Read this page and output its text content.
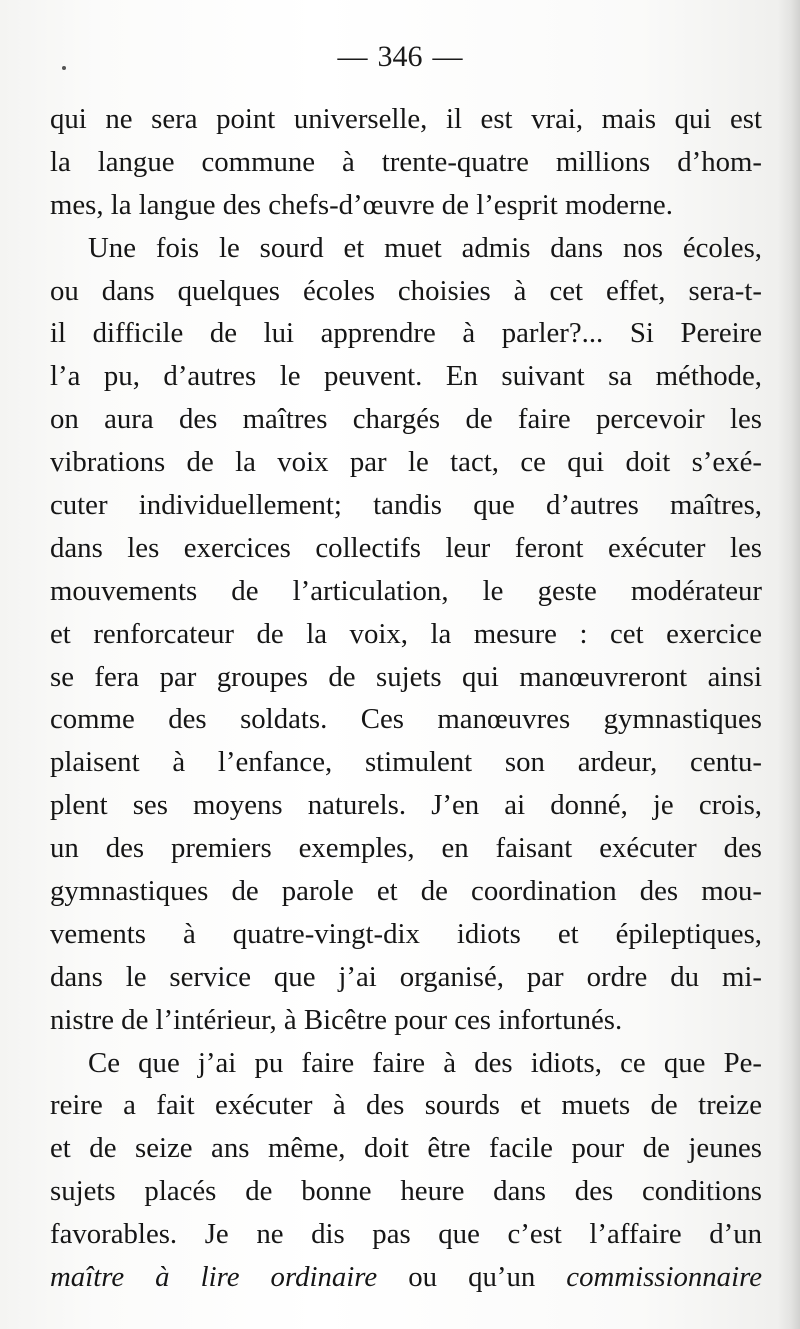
— 346 —
qui ne sera point universelle, il est vrai, mais qui est
la langue commune à trente-quatre millions d’hom-
mes, la langue des chefs-d’œuvre de l’esprit moderne.
Une fois le sourd et muet admis dans nos écoles,
ou dans quelques écoles choisies à cet effet, sera-t-
il difficile de lui apprendre à parler?... Si Pereire
l’a pu, d’autres le peuvent. En suivant sa méthode,
on aura des maîtres chargés de faire percevoir les
vibrations de la voix par le tact, ce qui doit s’exé-
cuter individuellement; tandis que d’autres maîtres,
dans les exercices collectifs leur feront exécuter les
mouvements de l’articulation, le geste modérateur
et renforcateur de la voix, la mesure : cet exercice
se fera par groupes de sujets qui manœuvreront ainsi
comme des soldats. Ces manœuvres gymnastiques
plaisent à l’enfance, stimulent son ardeur, centu-
plent ses moyens naturels. J’en ai donné, je crois,
un des premiers exemples, en faisant exécuter des
gymnastiques de parole et de coordination des mou-
vements à quatre-vingt-dix idiots et épileptiques,
dans le service que j’ai organisé, par ordre du mi-
nistre de l’intérieur, à Bicêtre pour ces infortunés.
Ce que j’ai pu faire faire à des idiots, ce que Pe-
reire a fait exécuter à des sourds et muets de treize
et de seize ans même, doit être facile pour de jeunes
sujets placés de bonne heure dans des conditions
favorables. Je ne dis pas que c’est l’affaire d’un
maître à lire ordinaire ou qu’un commissionnaire
